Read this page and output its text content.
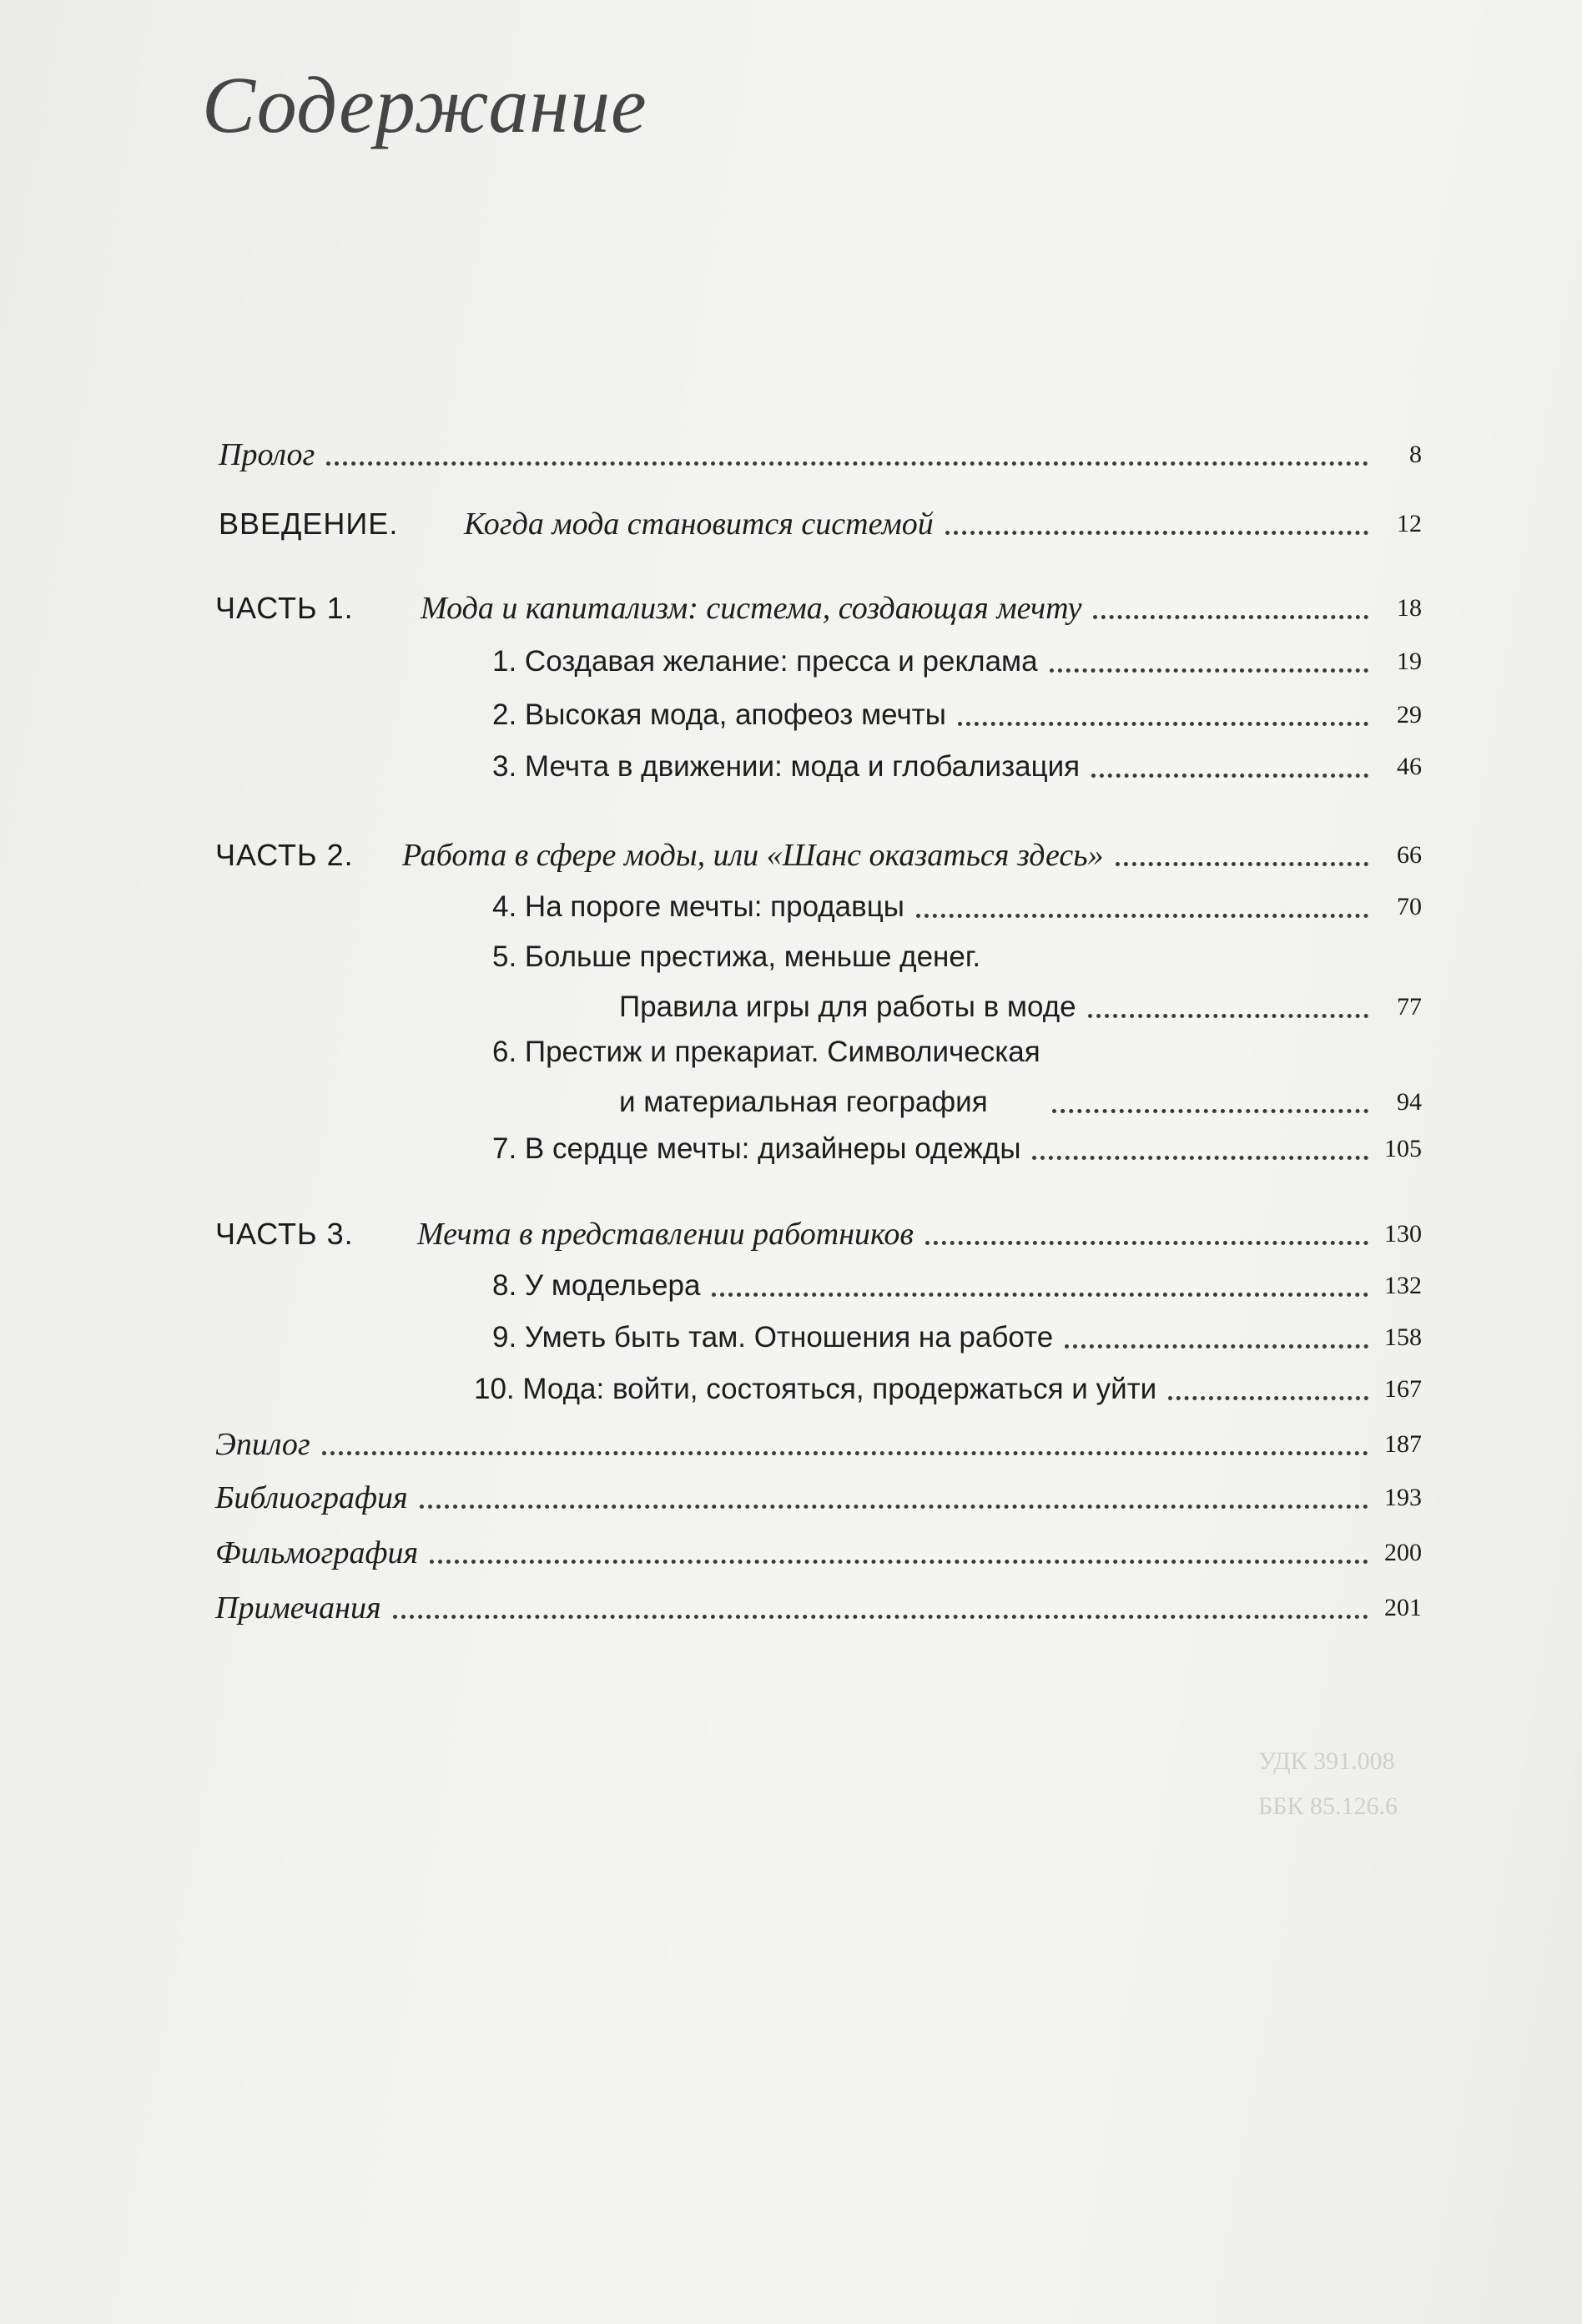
УДК 391.008
ББК 85.126.6
Содержание
Пролог	8
ВВЕДЕНИЕ.	Когда мода становится системой	12
ЧАСТЬ 1.	Мода и капитализм: система, создающая мечту	18
1. Создавая желание: пресса и реклама	19
2. Высокая мода, апофеоз мечты	29
3. Мечта в движении: мода и глобализация	46
ЧАСТЬ 2.	Работа в сфере моды, или «Шанс оказаться здесь»	66
4. На пороге мечты: продавцы	70
5. Больше престижа, меньше денег.
Правила игры для работы в моде	77
6. Престиж и прекариат. Символическая
и материальная география	94
7. В сердце мечты: дизайнеры одежды	105
ЧАСТЬ 3.	Мечта в представлении работников	130
8. У модельера	132
9. Уметь быть там. Отношения на работе	158
10. Мода: войти, состояться, продержаться и уйти	167
Эпилог	187
Библиография	193
Фильмография	200
Примечания	201
